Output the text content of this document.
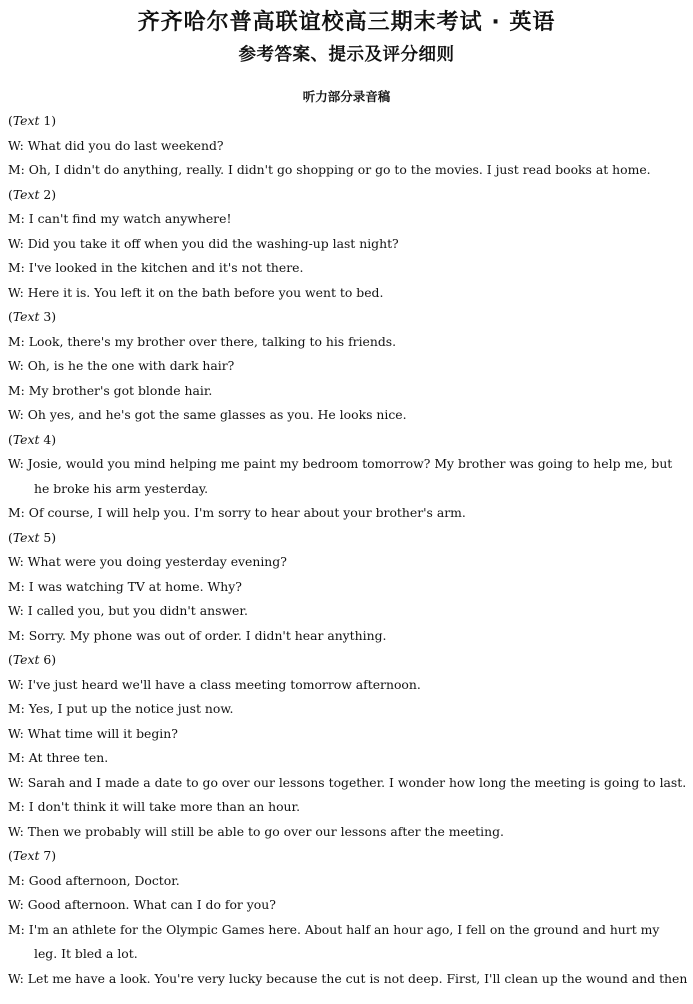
齐齐哈尔普高联谊校高三期末考试 · 英语
参考答案、提示及评分细则
听力部分录音稿
(Text 1)
W: What did you do last weekend?
M: Oh, I didn't do anything, really. I didn't go shopping or go to the movies. I just read books at home.
(Text 2)
M: I can't find my watch anywhere!
W: Did you take it off when you did the washing-up last night?
M: I've looked in the kitchen and it's not there.
W: Here it is. You left it on the bath before you went to bed.
(Text 3)
M: Look, there's my brother over there, talking to his friends.
W: Oh, is he the one with dark hair?
M: My brother's got blonde hair.
W: Oh yes, and he's got the same glasses as you. He looks nice.
(Text 4)
W: Josie, would you mind helping me paint my bedroom tomorrow? My brother was going to help me, but he broke his arm yesterday.
M: Of course, I will help you. I'm sorry to hear about your brother's arm.
(Text 5)
W: What were you doing yesterday evening?
M: I was watching TV at home. Why?
W: I called you, but you didn't answer.
M: Sorry. My phone was out of order. I didn't hear anything.
(Text 6)
W: I've just heard we'll have a class meeting tomorrow afternoon.
M: Yes, I put up the notice just now.
W: What time will it begin?
M: At three ten.
W: Sarah and I made a date to go over our lessons together. I wonder how long the meeting is going to last.
M: I don't think it will take more than an hour.
W: Then we probably will still be able to go over our lessons after the meeting.
(Text 7)
M: Good afternoon, Doctor.
W: Good afternoon. What can I do for you?
M: I'm an athlete for the Olympic Games here. About half an hour ago, I fell on the ground and hurt my leg. It bled a lot.
W: Let me have a look. You're very lucky because the cut is not deep. First, I'll clean up the wound and then
